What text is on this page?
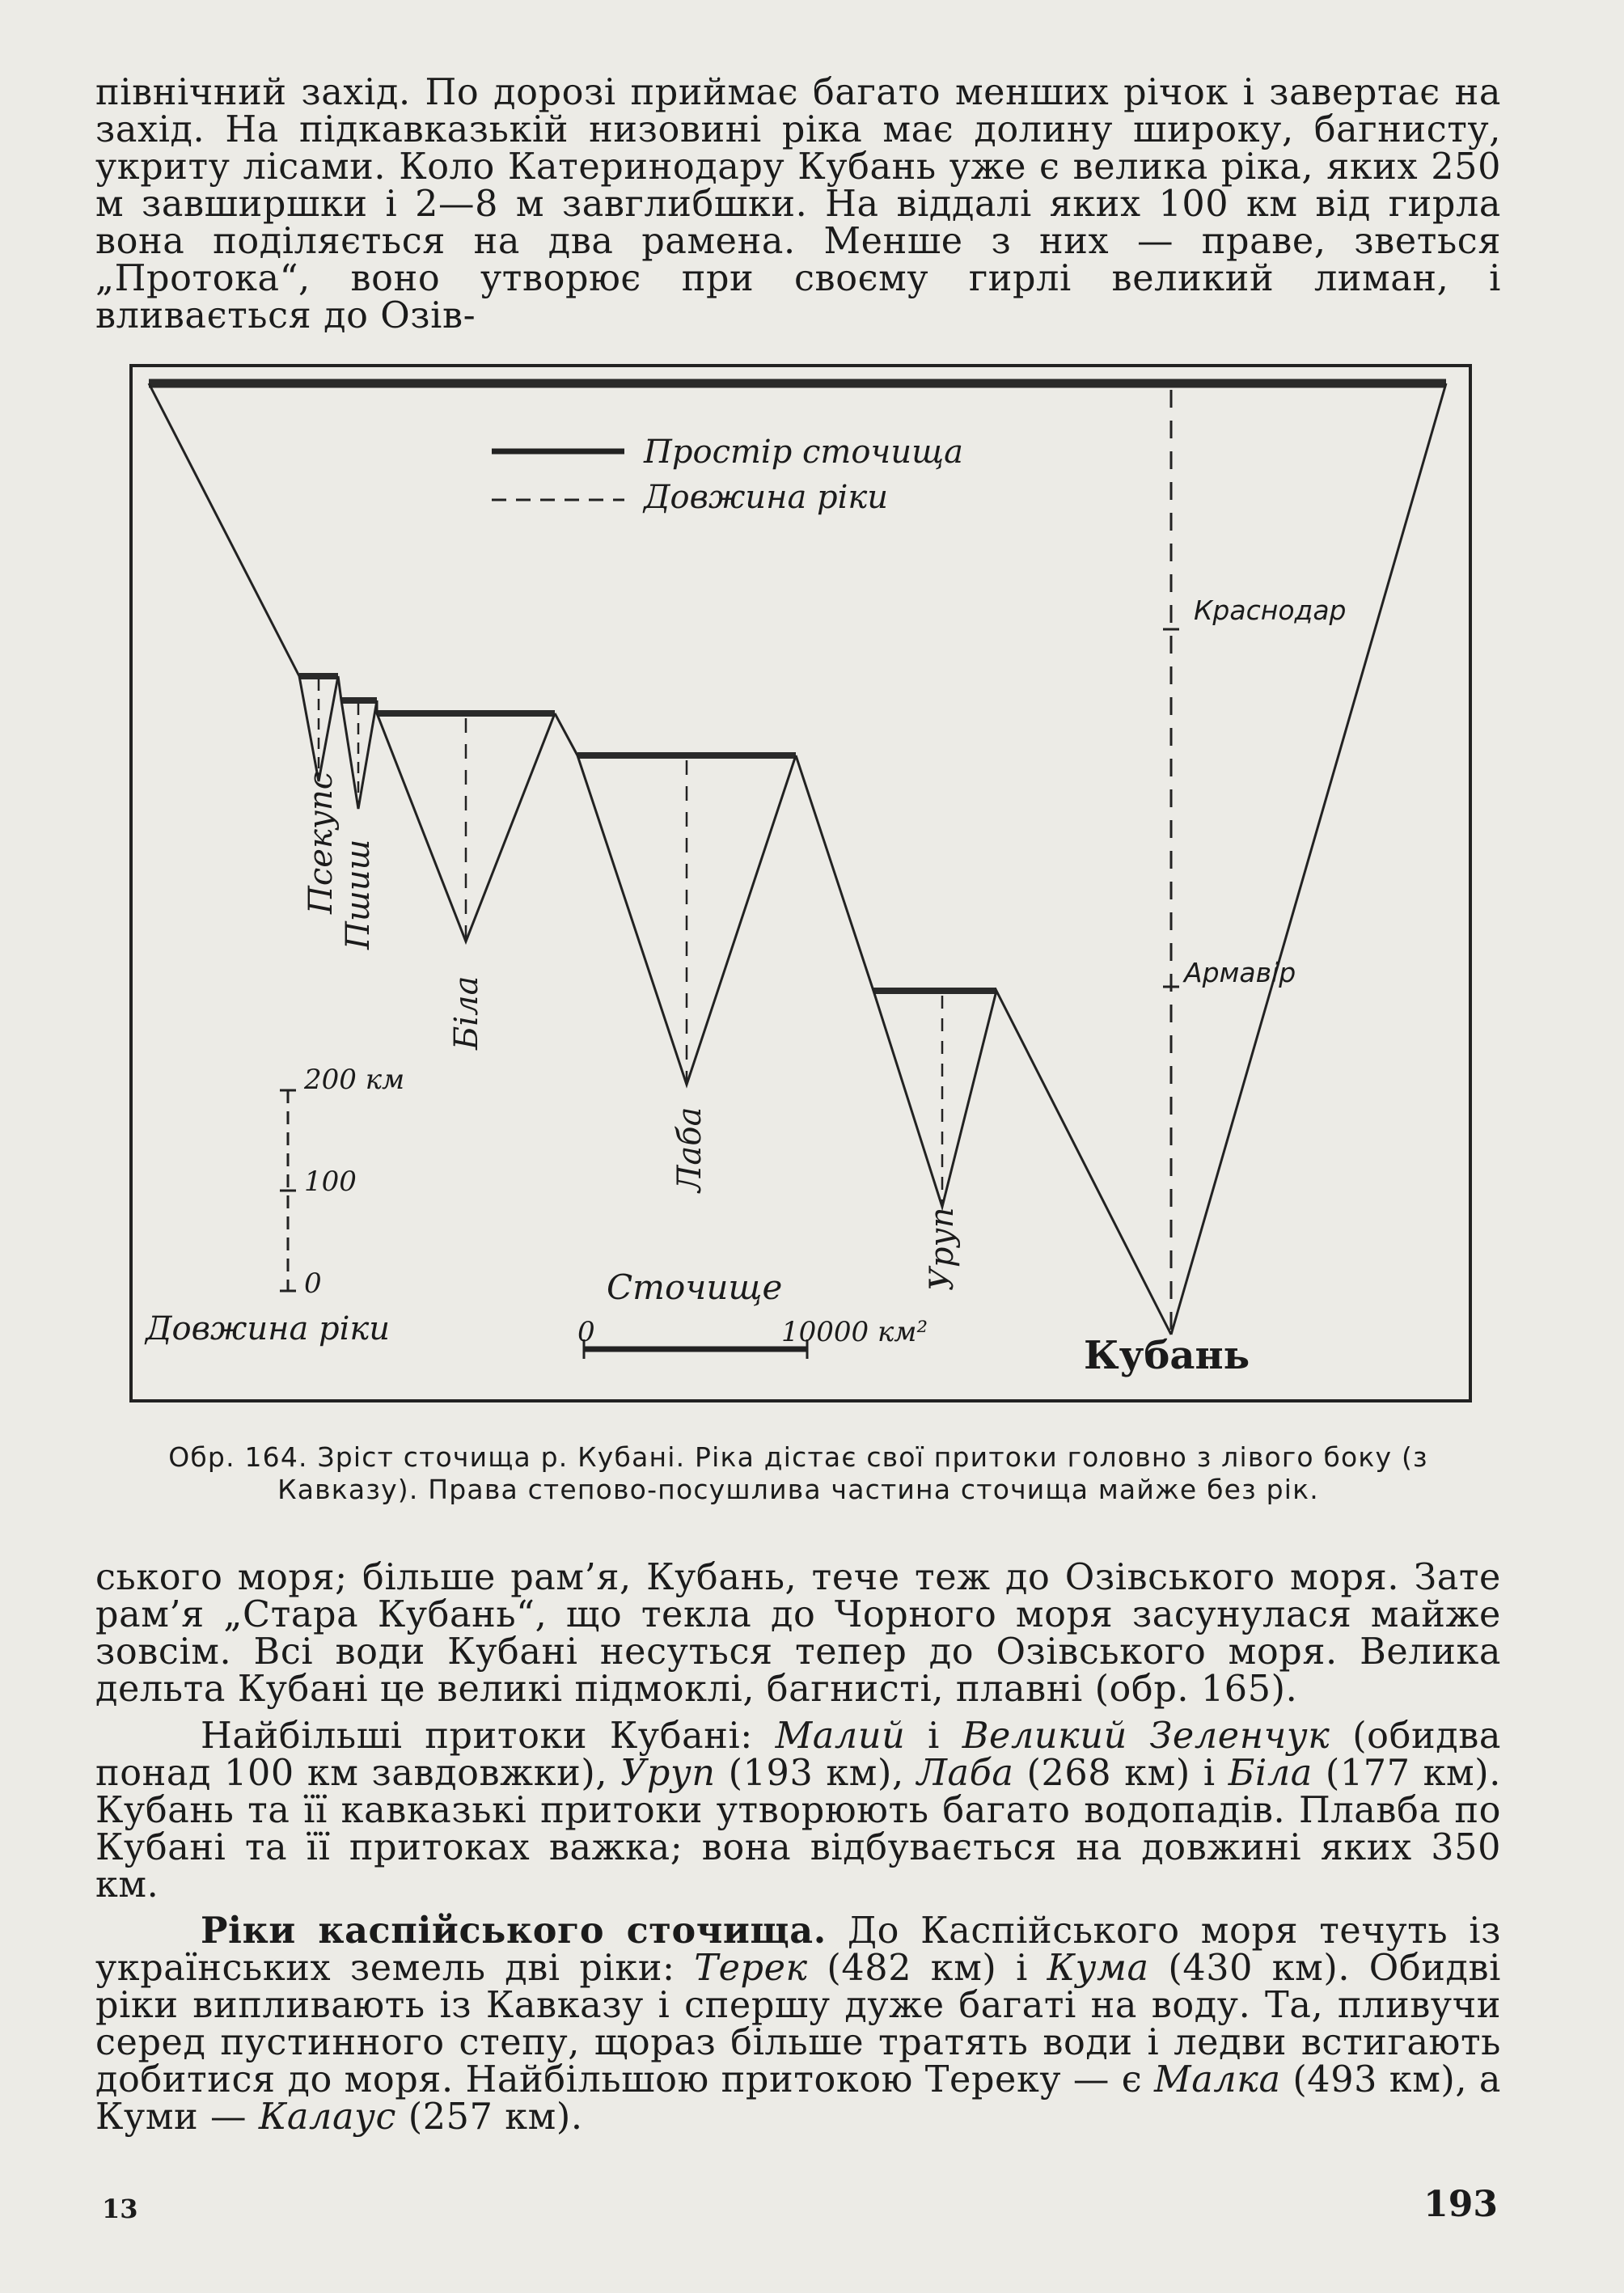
північний захід. По дорозі приймає багато менших річок і завертає на захід. На підкавказькій низовині ріка має долину широку, багнисту, укриту лісами. Коло Катеринодару Кубань уже є велика ріка, яких 250 м завширшки і 2—8 м завглибшки. На віддалі яких 100 км від гирла вона поділяється на два рамена. Менше з них — праве, зветься „Протока“, воно утворює при своєму гирлі великий лиман, і вливається до Озів-
Простір сточища
Довжина ріки
Краснодар
Армавір
Псекупс Пшиш
Біла
Лаба
Уруп
200 км
100
0
Довжина ріки
Сточище
0	10000 км²
Кубань
Обр. 164. Зріст сточища р. Кубані. Ріка дістає свої притоки головно з лівого боку (з Кавказу). Права степово-посушлива частина сточища майже без рік.
ського моря; більше рам’я, Кубань, тече теж до Озівського моря. Зате рам’я „Стара Кубань“, що текла до Чорного моря засунулася майже зовсім. Всі води Кубані несуться тепер до Озівського моря. Велика дельта Кубані це великі підмоклі, багнисті, плавні (обр. 165).
Найбільші притоки Кубані: Малий і Великий Зеленчук (обидва понад 100 км завдовжки), Уруп (193 км), Лаба (268 км) і Біла (177 км). Кубань та її кавказькі притоки утворюють багато водопадів. Плавба по Кубані та її притоках важка; вона відбувається на довжині яких 350 км.
Ріки каспійського сточища. До Каспійського моря течуть із українських земель дві ріки: Терек (482 км) і Кума (430 км). Обидві ріки випливають із Кавказу і спершу дуже багаті на воду. Та, пливучи серед пустинного степу, щораз більше тратять води і ледви встигають добитися до моря. Найбільшою притокою Тереку — є Малка (493 км), а Куми — Калаус (257 км).
13	193
